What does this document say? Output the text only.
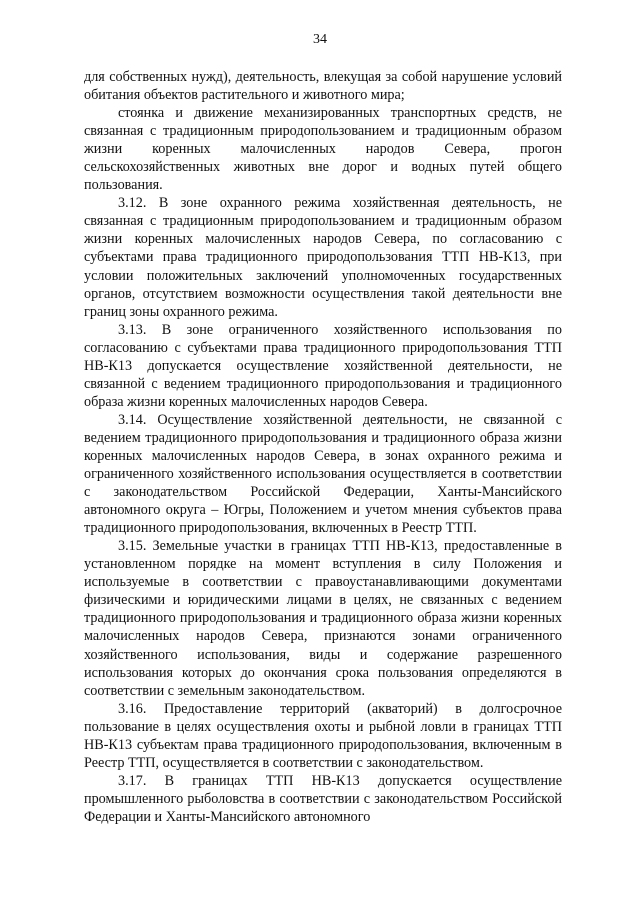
34

для собственных нужд), деятельность, влекущая за собой нарушение условий обитания объектов растительного и животного мира;

стоянка и движение механизированных транспортных средств, не связанная с традиционным природопользованием и традиционным образом жизни коренных малочисленных народов Севера, прогон сельскохозяйственных животных вне дорог и водных путей общего пользования.

3.12. В зоне охранного режима хозяйственная деятельность, не связанная с традиционным природопользованием и традиционным образом жизни коренных малочисленных народов Севера, по согласованию с субъектами права традиционного природопользования ТТП НВ-К13, при условии положительных заключений уполномоченных государственных органов, отсутствием возможности осуществления такой деятельности вне границ зоны охранного режима.

3.13. В зоне ограниченного хозяйственного использования по согласованию с субъектами права традиционного природопользования ТТП НВ-К13 допускается осуществление хозяйственной деятельности, не связанной с ведением традиционного природопользования и традиционного образа жизни коренных малочисленных народов Севера.

3.14. Осуществление хозяйственной деятельности, не связанной с ведением традиционного природопользования и традиционного образа жизни коренных малочисленных народов Севера, в зонах охранного режима и ограниченного хозяйственного использования осуществляется в соответствии с законодательством Российской Федерации, Ханты-Мансийского автономного округа – Югры, Положением и учетом мнения субъектов права традиционного природопользования, включенных в Реестр ТТП.

3.15. Земельные участки в границах ТТП НВ-К13, предоставленные в установленном порядке на момент вступления в силу Положения и используемые в соответствии с правоустанавливающими документами физическими и юридическими лицами в целях, не связанных с ведением традиционного природопользования и традиционного образа жизни коренных малочисленных народов Севера, признаются зонами ограниченного хозяйственного использования, виды и содержание разрешенного использования которых до окончания срока пользования определяются в соответствии с земельным законодательством.

3.16. Предоставление территорий (акваторий) в долгосрочное пользование в целях осуществления охоты и рыбной ловли в границах ТТП НВ-К13 субъектам права традиционного природопользования, включенным в Реестр ТТП, осуществляется в соответствии с законодательством.

3.17. В границах ТТП НВ-К13 допускается осуществление промышленного рыболовства в соответствии с законодательством Российской Федерации и Ханты-Мансийского автономного
